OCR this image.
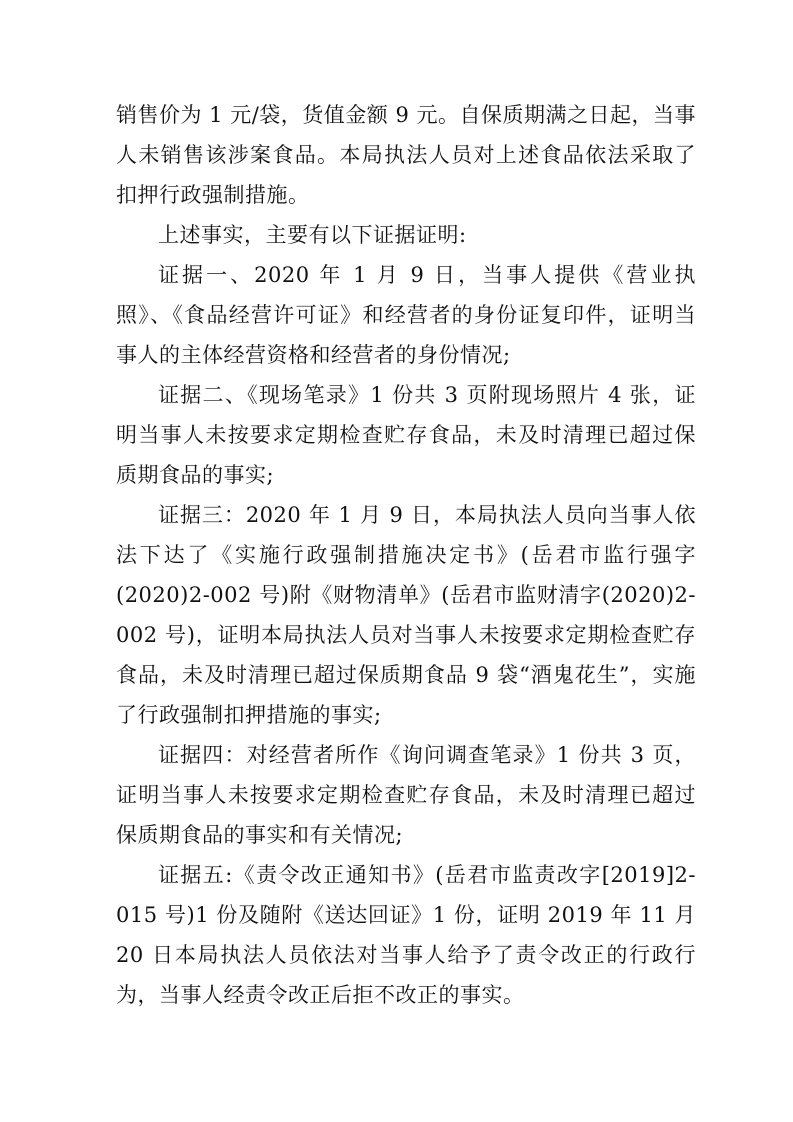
销售价为 1 元/袋，货值金额 9 元。自保质期满之日起，当事人未销售该涉案食品。本局执法人员对上述食品依法采取了扣押行政强制措施。

上述事实，主要有以下证据证明:

证据一、2020 年 1 月 9 日，当事人提供《营业执照》、《食品经营许可证》和经营者的身份证复印件，证明当事人的主体经营资格和经营者的身份情况;

证据二、《现场笔录》1 份共 3 页附现场照片 4 张，证明当事人未按要求定期检查贮存食品，未及时清理已超过保质期食品的事实;

证据三：2020 年 1 月 9 日，本局执法人员向当事人依法下达了《实施行政强制措施决定书》(岳君市监行强字(2020)2-002 号)附《财物清单》(岳君市监财清字(2020)2-002 号)，证明本局执法人员对当事人未按要求定期检查贮存食品，未及时清理已超过保质期食品 9 袋“酒鬼花生”，实施了行政强制扣押措施的事实;

证据四：对经营者所作《询问调查笔录》1 份共 3 页，证明当事人未按要求定期检查贮存食品，未及时清理已超过保质期食品的事实和有关情况;

证据五:《责令改正通知书》(岳君市监责改字[2019]2-015 号)1 份及随附《送达回证》1 份，证明 2019 年 11 月 20 日本局执法人员依法对当事人给予了责令改正的行政行为，当事人经责令改正后拒不改正的事实。
